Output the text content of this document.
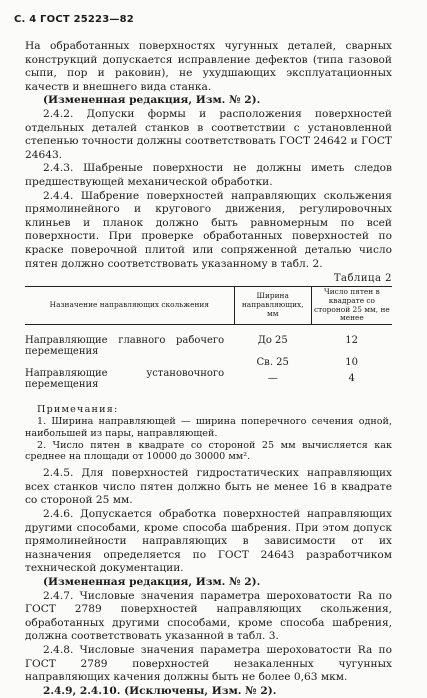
С. 4 ГОСТ 25223—82

На обработанных поверхностях чугунных деталей, сварных конструкций допускается исправление дефектов (типа газовой сыпи, пор и раковин), не ухудшающих эксплуатационных качеств и внешнего вида станка.

(Измененная редакция, Изм. № 2).

2.4.2. Допуски формы и расположения поверхностей отдельных деталей станков в соответствии с установленной степенью точности должны соответствовать ГОСТ 24642 и ГОСТ 24643.

2.4.3. Шабреные поверхности не должны иметь следов предшествующей механической обработки.

2.4.4. Шабрение поверхностей направляющих скольжения прямолинейного и кругового движения, регулировочных клиньев и планок должно быть равномерным по всей поверхности. При проверке обработанных поверхностей по краске поверочной плитой или сопряженной деталью число пятен должно соответствовать указанному в табл. 2.

Таблица 2
Назначение направляющих скольжения	Ширина направляющих, мм	Число пятен в квадрате со стороной 25 мм, не менее
Направляющие главного рабочего перемещения	До 25	12
	Св. 25	10
Направляющие установочного перемещения	—	4

Примечания:

1. Ширина направляющей — ширина поперечного сечения одной, наибольшей из пары, направляющей.

2. Число пятен в квадрате со стороной 25 мм вычисляется как среднее на площади от 10000 до 30000 мм².

2.4.5. Для поверхностей гидростатических направляющих всех станков число пятен должно быть не менее 16 в квадрате со стороной 25 мм.

2.4.6. Допускается обработка поверхностей направляющих другими способами, кроме способа шабрения. При этом допуск прямолинейности направляющих в зависимости от их назначения определяется по ГОСТ 24643 разработчиком технической документации.

(Измененная редакция, Изм. № 2).

2.4.7. Числовые значения параметра шероховатости Ra по ГОСТ 2789 поверхностей направляющих скольжения, обработанных другими способами, кроме способа шабрения, должна соответствовать указанной в табл. 3.

2.4.8. Числовые значения параметра шероховатости Ra по ГОСТ 2789 поверхностей незакаленных чугунных направляющих качения должны быть не более 0,63 мкм.

2.4.9, 2.4.10. (Исключены, Изм. № 2).
